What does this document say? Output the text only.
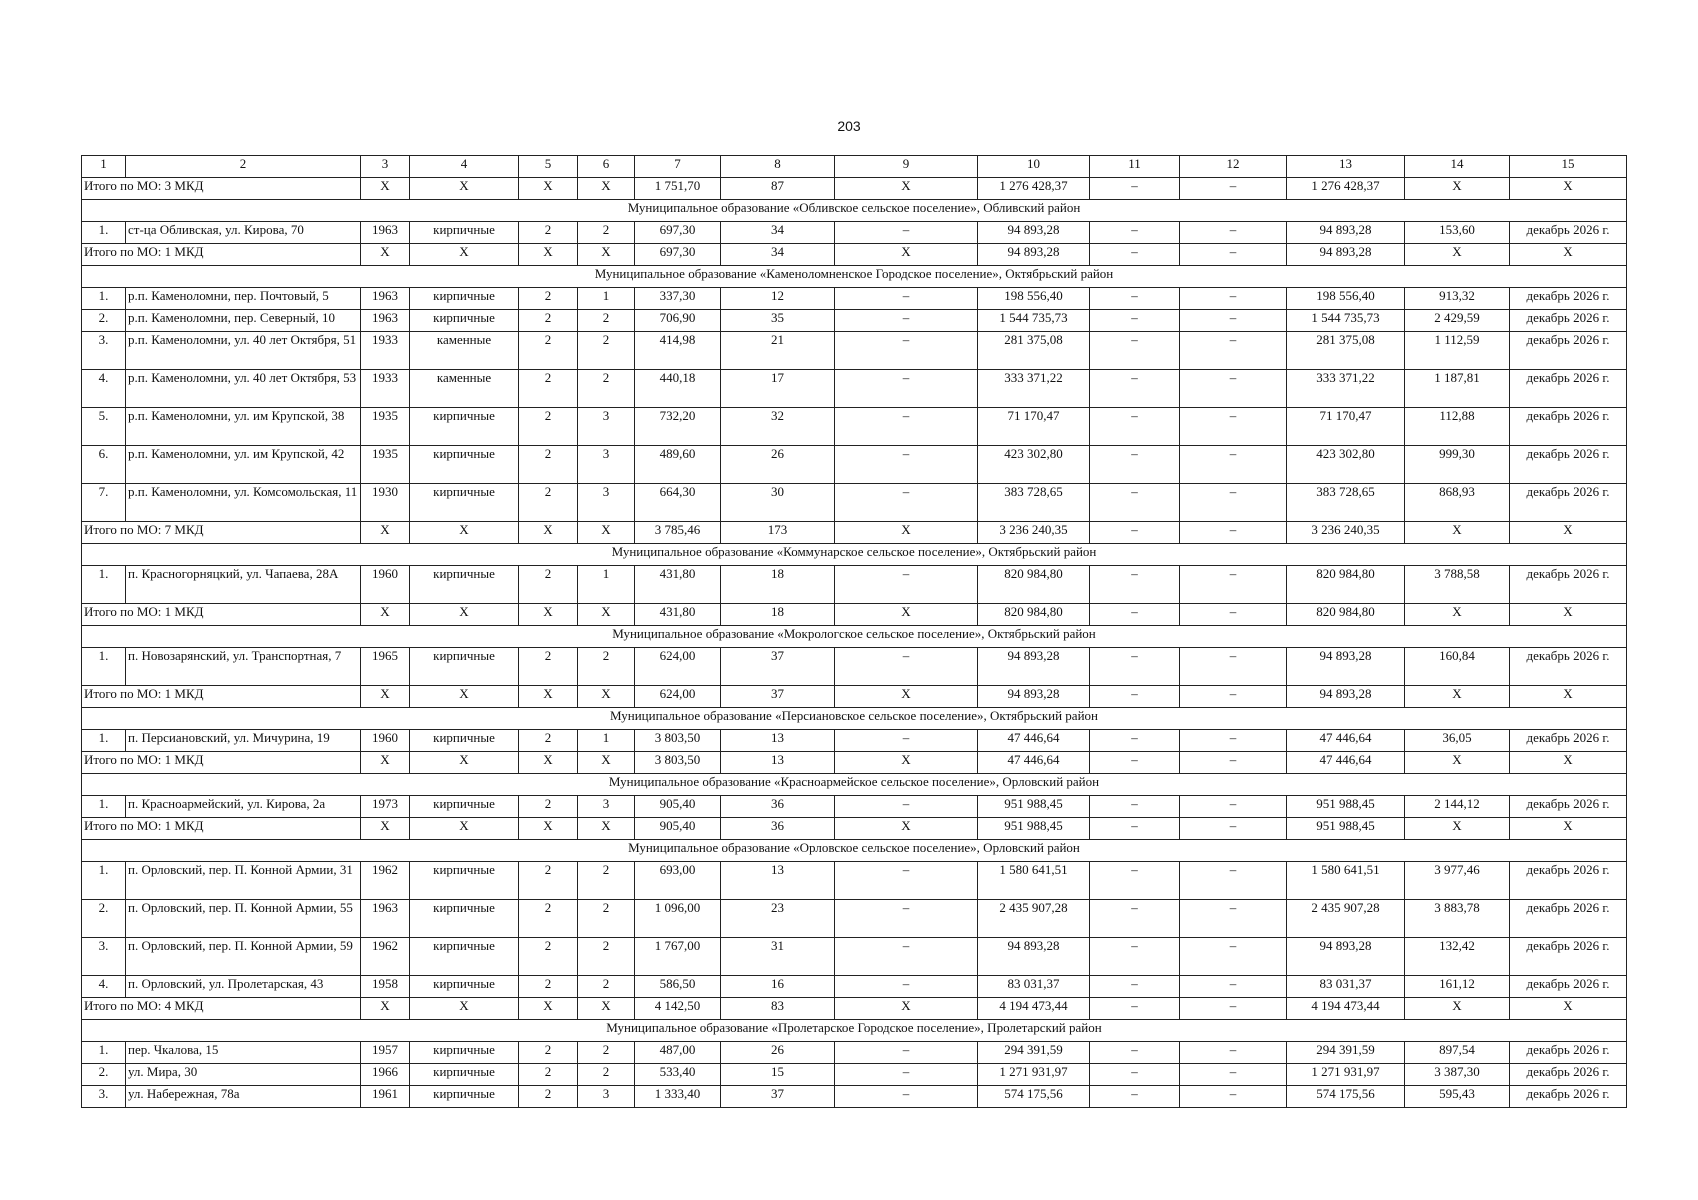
203
1	2	3	4	5	6	7	8	9	10	11	12	13	14	15
Итого по МО: 3 МКД		X	X	X	X	1 751,70	87	X	1 276 428,37	–	–	1 276 428,37	X	X
Муниципальное образование «Обливское сельское поселение», Обливский район														
1.	ст-ца Обливская, ул. Кирова, 70	1963	кирпичные	2	2	697,30	34	–	94 893,28	–	–	94 893,28	153,60	декабрь 2026 г.
Итого по МО: 1 МКД		X	X	X	X	697,30	34	X	94 893,28	–	–	94 893,28	X	X
Муниципальное образование «Каменоломненское Городское поселение», Октябрьский район														
1.	р.п. Каменоломни, пер. Почтовый, 5	1963	кирпичные	2	1	337,30	12	–	198 556,40	–	–	198 556,40	913,32	декабрь 2026 г.
2.	р.п. Каменоломни, пер. Северный, 10	1963	кирпичные	2	2	706,90	35	–	1 544 735,73	–	–	1 544 735,73	2 429,59	декабрь 2026 г.
3.	р.п. Каменоломни, ул. 40 лет Октября, 51	1933	каменные	2	2	414,98	21	–	281 375,08	–	–	281 375,08	1 112,59	декабрь 2026 г.
4.	р.п. Каменоломни, ул. 40 лет Октября, 53	1933	каменные	2	2	440,18	17	–	333 371,22	–	–	333 371,22	1 187,81	декабрь 2026 г.
5.	р.п. Каменоломни, ул. им Крупской, 38	1935	кирпичные	2	3	732,20	32	–	71 170,47	–	–	71 170,47	112,88	декабрь 2026 г.
6.	р.п. Каменоломни, ул. им Крупской, 42	1935	кирпичные	2	3	489,60	26	–	423 302,80	–	–	423 302,80	999,30	декабрь 2026 г.
7.	р.п. Каменоломни, ул. Комсомольская, 11	1930	кирпичные	2	3	664,30	30	–	383 728,65	–	–	383 728,65	868,93	декабрь 2026 г.
Итого по МО: 7 МКД		X	X	X	X	3 785,46	173	X	3 236 240,35	–	–	3 236 240,35	X	X
Муниципальное образование «Коммунарское сельское поселение», Октябрьский район														
1.	п. Красногорняцкий, ул. Чапаева, 28А	1960	кирпичные	2	1	431,80	18	–	820 984,80	–	–	820 984,80	3 788,58	декабрь 2026 г.
Итого по МО: 1 МКД		X	X	X	X	431,80	18	X	820 984,80	–	–	820 984,80	X	X
Муниципальное образование «Мокрологское сельское поселение», Октябрьский район														
1.	п. Новозарянский, ул. Транспортная, 7	1965	кирпичные	2	2	624,00	37	–	94 893,28	–	–	94 893,28	160,84	декабрь 2026 г.
Итого по МО: 1 МКД		X	X	X	X	624,00	37	X	94 893,28	–	–	94 893,28	X	X
Муниципальное образование «Персиановское сельское поселение», Октябрьский район														
1.	п. Персиановский, ул. Мичурина, 19	1960	кирпичные	2	1	3 803,50	13	–	47 446,64	–	–	47 446,64	36,05	декабрь 2026 г.
Итого по МО: 1 МКД		X	X	X	X	3 803,50	13	X	47 446,64	–	–	47 446,64	X	X
Муниципальное образование «Красноармейское сельское поселение», Орловский район														
1.	п. Красноармейский, ул. Кирова, 2а	1973	кирпичные	2	3	905,40	36	–	951 988,45	–	–	951 988,45	2 144,12	декабрь 2026 г.
Итого по МО: 1 МКД		X	X	X	X	905,40	36	X	951 988,45	–	–	951 988,45	X	X
Муниципальное образование «Орловское сельское поселение», Орловский район														
1.	п. Орловский, пер. П. Конной Армии, 31	1962	кирпичные	2	2	693,00	13	–	1 580 641,51	–	–	1 580 641,51	3 977,46	декабрь 2026 г.
2.	п. Орловский, пер. П. Конной Армии, 55	1963	кирпичные	2	2	1 096,00	23	–	2 435 907,28	–	–	2 435 907,28	3 883,78	декабрь 2026 г.
3.	п. Орловский, пер. П. Конной Армии, 59	1962	кирпичные	2	2	1 767,00	31	–	94 893,28	–	–	94 893,28	132,42	декабрь 2026 г.
4.	п. Орловский, ул. Пролетарская, 43	1958	кирпичные	2	2	586,50	16	–	83 031,37	–	–	83 031,37	161,12	декабрь 2026 г.
Итого по МО: 4 МКД		X	X	X	X	4 142,50	83	X	4 194 473,44	–	–	4 194 473,44	X	X
Муниципальное образование «Пролетарское Городское поселение», Пролетарский район														
1.	пер. Чкалова, 15	1957	кирпичные	2	2	487,00	26	–	294 391,59	–	–	294 391,59	897,54	декабрь 2026 г.
2.	ул. Мира, 30	1966	кирпичные	2	2	533,40	15	–	1 271 931,97	–	–	1 271 931,97	3 387,30	декабрь 2026 г.
3.	ул. Набережная, 78а	1961	кирпичные	2	3	1 333,40	37	–	574 175,56	–	–	574 175,56	595,43	декабрь 2026 г.
